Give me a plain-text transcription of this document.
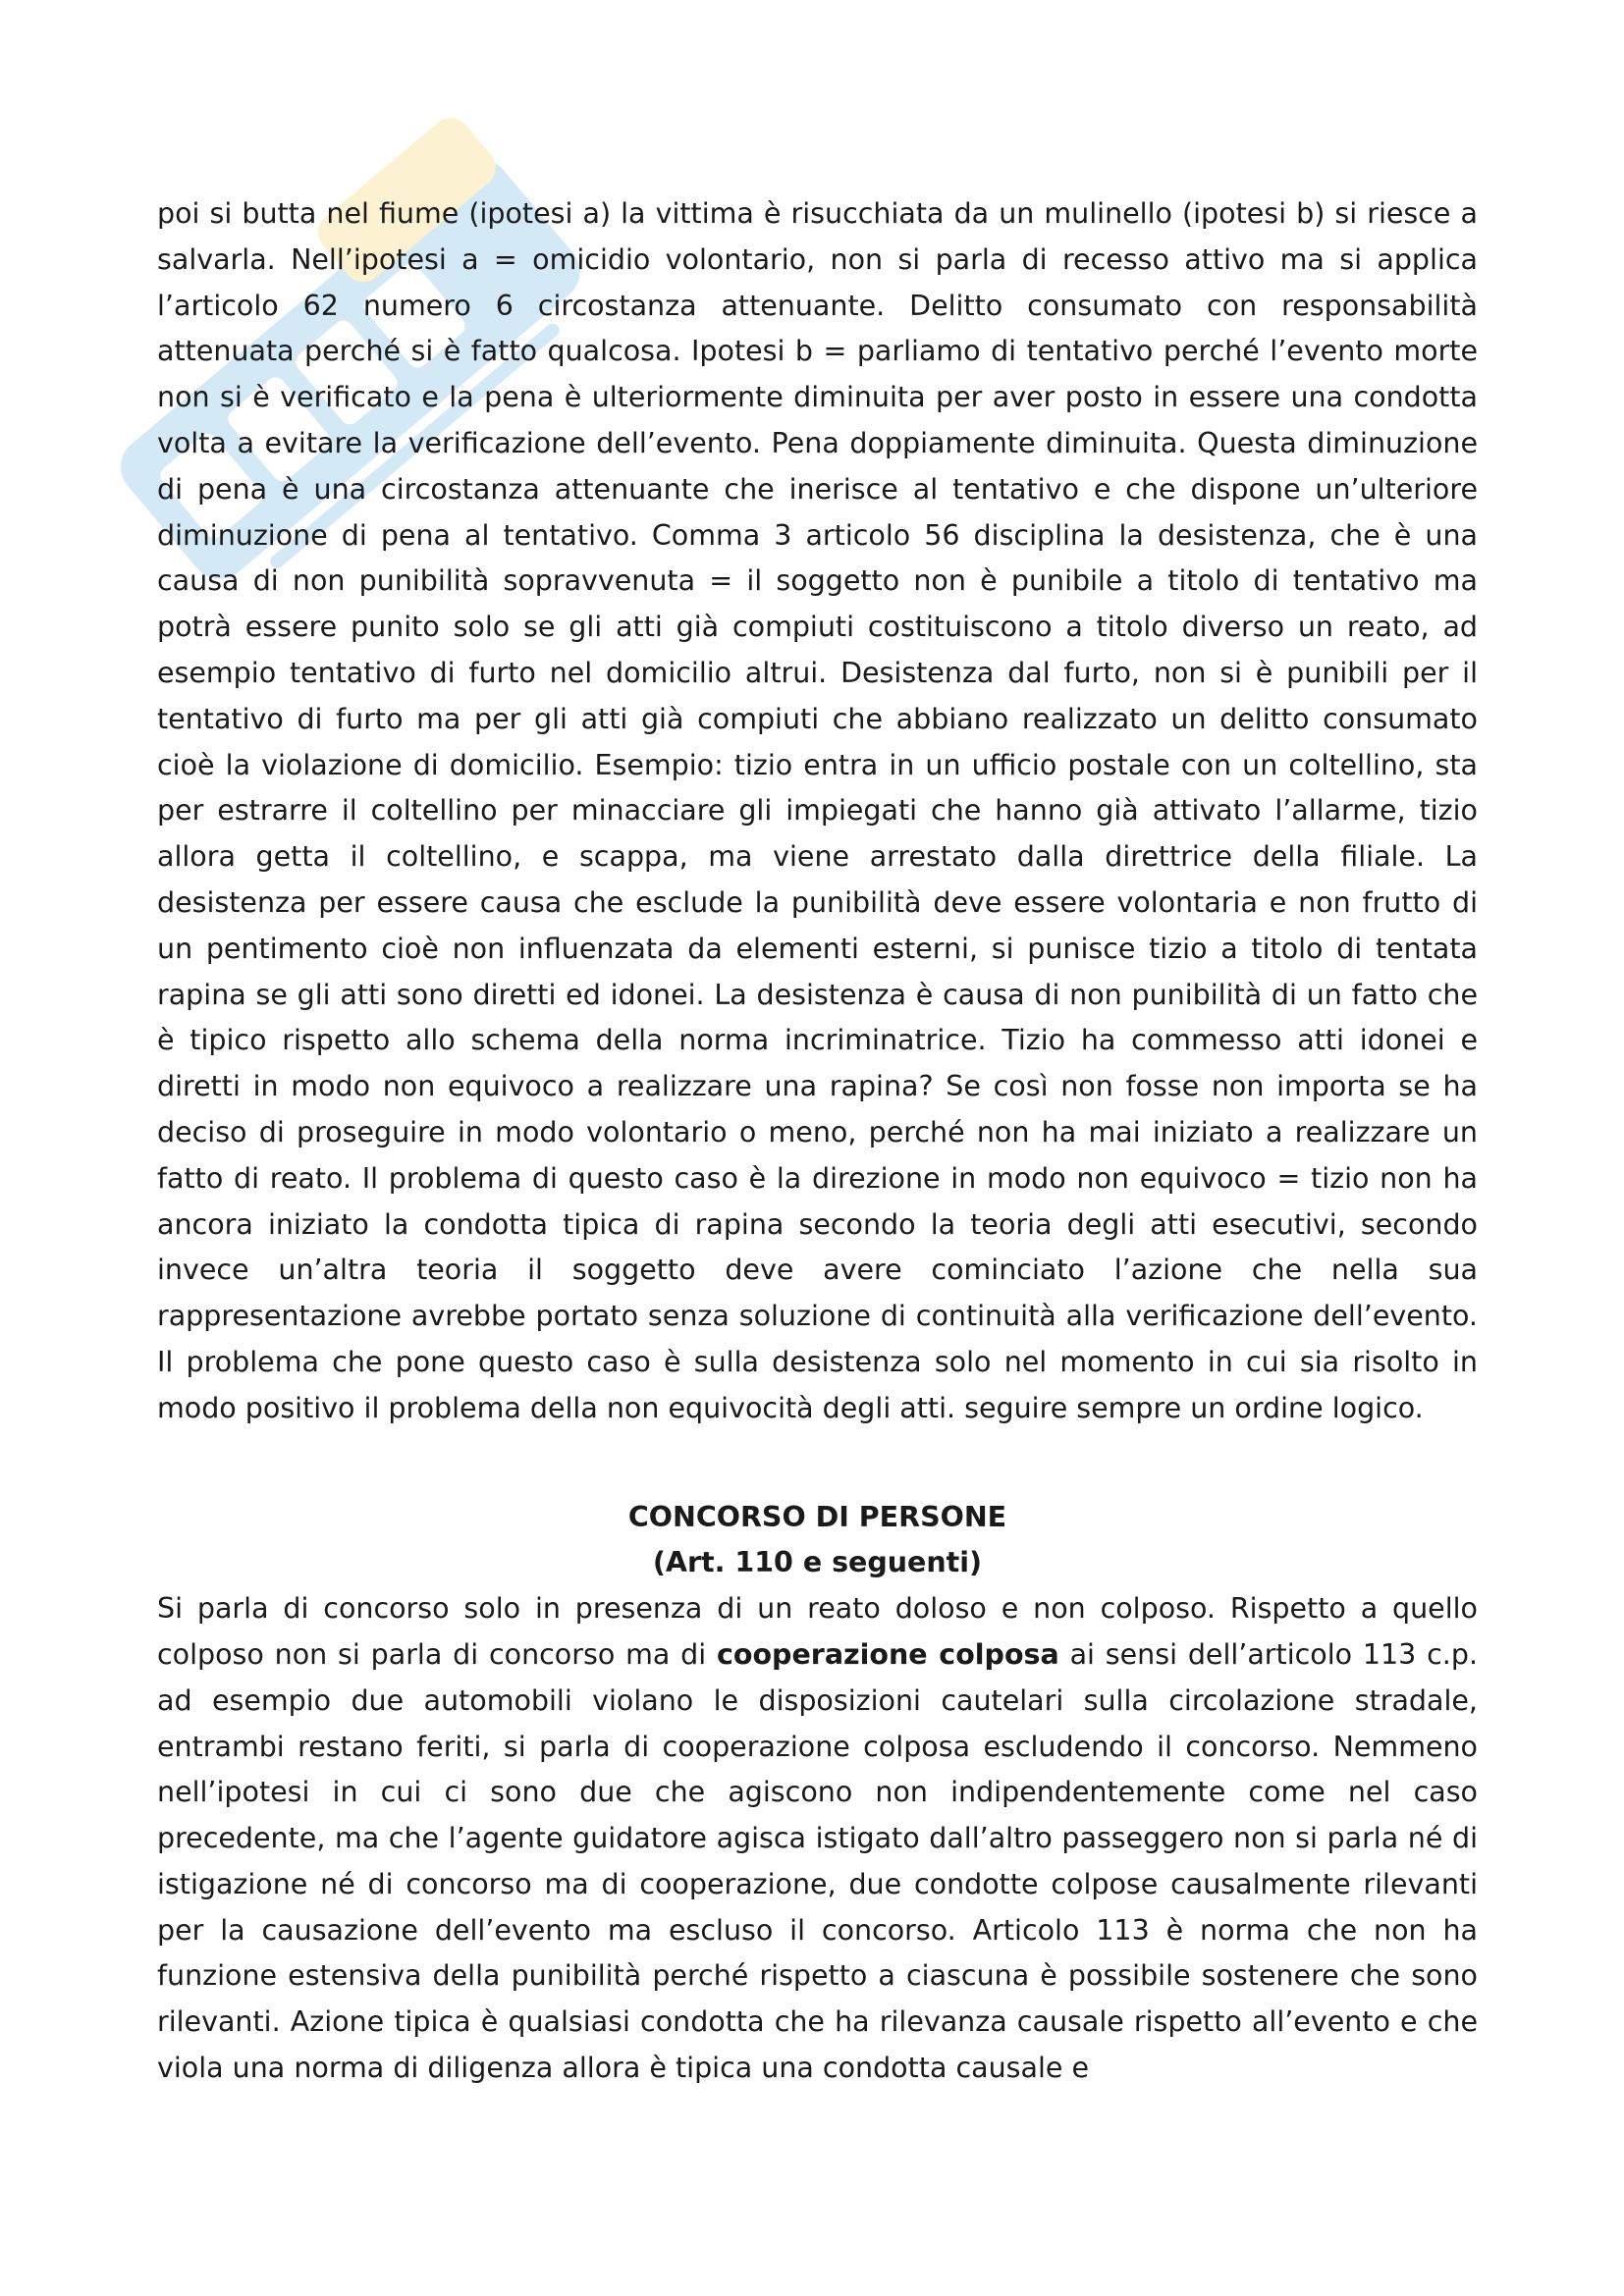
poi si butta nel fiume (ipotesi a) la vittima è risucchiata da un mulinello (ipotesi b) si riesce a salvarla. Nell’ipotesi a = omicidio volontario, non si parla di recesso attivo ma si applica l’articolo 62 numero 6 circostanza attenuante. Delitto consumato con responsabilità attenuata perché si è fatto qualcosa. Ipotesi b = parliamo di tentativo perché l’evento morte non si è verificato e la pena è ulteriormente diminuita per aver posto in essere una condotta volta a evitare la verificazione dell’evento. Pena doppiamente diminuita. Questa diminuzione di pena è una circostanza attenuante che inerisce al tentativo e che dispone un’ulteriore diminuzione di pena al tentativo. Comma 3 articolo 56 disciplina la desistenza, che è una causa di non punibilità sopravvenuta = il soggetto non è punibile a titolo di tentativo ma potrà essere punito solo se gli atti già compiuti costituiscono a titolo diverso un reato, ad esempio tentativo di furto nel domicilio altrui. Desistenza dal furto, non si è punibili per il tentativo di furto ma per gli atti già compiuti che abbiano realizzato un delitto consumato cioè la violazione di domicilio. Esempio: tizio entra in un ufficio postale con un coltellino, sta per estrarre il coltellino per minacciare gli impiegati che hanno già attivato l’allarme, tizio allora getta il coltellino, e scappa, ma viene arrestato dalla direttrice della filiale. La desistenza per essere causa che esclude la punibilità deve essere volontaria e non frutto di un pentimento cioè non influenzata da elementi esterni, si punisce tizio a titolo di tentata rapina se gli atti sono diretti ed idonei. La desistenza è causa di non punibilità di un fatto che è tipico rispetto allo schema della norma incriminatrice. Tizio ha commesso atti idonei e diretti in modo non equivoco a realizzare una rapina? Se così non fosse non importa se ha deciso di proseguire in modo volontario o meno, perché non ha mai iniziato a realizzare un fatto di reato. Il problema di questo caso è la direzione in modo non equivoco = tizio non ha ancora iniziato la condotta tipica di rapina secondo la teoria degli atti esecutivi, secondo invece un’altra teoria il soggetto deve avere cominciato l’azione che nella sua rappresentazione avrebbe portato senza soluzione di continuità alla verificazione dell’evento. Il problema che pone questo caso è sulla desistenza solo nel momento in cui sia risolto in modo positivo il problema della non equivocità degli atti. seguire sempre un ordine logico.

CONCORSO DI PERSONE

(Art. 110 e seguenti)

Si parla di concorso solo in presenza di un reato doloso e non colposo. Rispetto a quello colposo non si parla di concorso ma di cooperazione colposa ai sensi dell’articolo 113 c.p. ad esempio due automobili violano le disposizioni cautelari sulla circolazione stradale, entrambi restano feriti, si parla di cooperazione colposa escludendo il concorso. Nemmeno nell’ipotesi in cui ci sono due che agiscono non indipendentemente come nel caso precedente, ma che l’agente guidatore agisca istigato dall’altro passeggero non si parla né di istigazione né di concorso ma di cooperazione, due condotte colpose causalmente rilevanti per la causazione dell’evento ma escluso il concorso. Articolo 113 è norma che non ha funzione estensiva della punibilità perché rispetto a ciascuna è possibile sostenere che sono rilevanti. Azione tipica è qualsiasi condotta che ha rilevanza causale rispetto all’evento e che viola una norma di diligenza allora è tipica una condotta causale e
